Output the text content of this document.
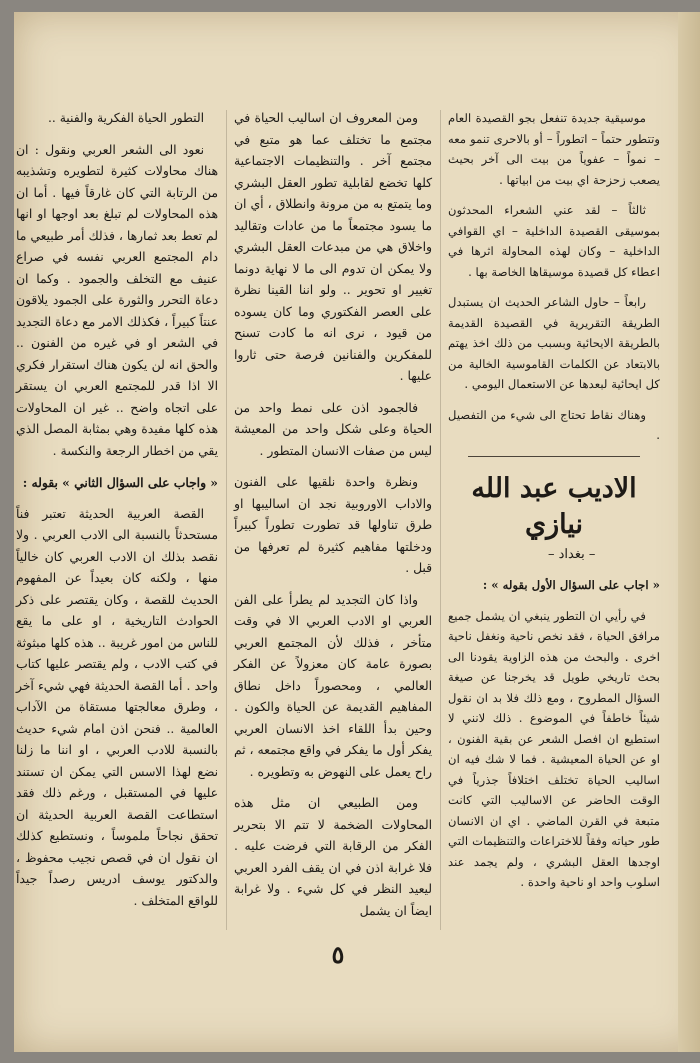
موسيقية جديدة تنفعل بجو القصيدة العام وتتطور حتماً – اتطوراً – أو بالاحرى تنمو معه – نمواً – عفوياً من بيت الى آخر بحيث يصعب زحزحة اي بيت من ابياتها .

ثالثاً – لقد عني الشعراء المحدثون بموسيقى القصيدة الداخلية – اي القوافي الداخلية – وكان لهذه المحاولة اثرها في اعطاء كل قصيدة موسيقاها الخاصة بها .

رابعاً – حاول الشاعر الحديث ان يستبدل الطريقة التقريرية في القصيدة القديمة بالطريقة الايحائية وبسبب من ذلك اخذ يهتم بالابتعاد عن الكلمات القاموسية الخالية من كل ايحائية لبعدها عن الاستعمال اليومي .

وهناك نقاط تحتاج الى شيء من التفصيل .

الاديب عبد الله نيازي
– بغداد –

« اجاب على السؤال الأول بقوله » :

في رأيي ان التطور ينبغي ان يشمل جميع مرافق الحياة ، فقد نخص ناحية ونغفل ناحية اخرى . والبحث من هذه الزاوية يقودنا الى بحث تاريخي طويل قد يخرجنا عن صيغة السؤال المطروح ، ومع ذلك فلا بد ان نقول شيئاً خاطفاً في الموضوع . ذلك لانني لا استطيع ان افصل الشعر عن بقية الفنون ، او عن الحياة المعيشية . فما لا شك فيه ان اساليب الحياة تختلف اختلافاً جذرياً في الوقت الحاضر عن الاساليب التي كانت متبعة في القرن الماضي . اي ان الانسان طور حياته وفقاً للاختراعات والتنظيمات التي اوجدها العقل البشري ، ولم يجمد عند اسلوب واحد او ناحية واحدة .

ومن المعروف ان اساليب الحياة في مجتمع ما تختلف عما هو متبع في مجتمع آخر . والتنظيمات الاجتماعية كلها تخضع لقابلية تطور العقل البشري وما يتمتع به من مرونة وانطلاق ، أي ان ما يسود مجتمعاً ما من عادات وتقاليد واخلاق هي من مبدعات العقل البشري ولا يمكن ان تدوم الى ما لا نهاية دونما تغيير او تحوير .. ولو اننا القينا نظرة على العصر الفكتوري وما كان يسوده من قيود ، نرى انه ما كادت تسنح للمفكرين والفنانين فرصة حتى ثاروا عليها .

فالجمود اذن على نمط واحد من الحياة وعلى شكل واحد من المعيشة ليس من صفات الانسان المتطور .

ونظرة واحدة نلقيها على الفنون والاداب الاوروبية نجد ان اساليبها او طرق تناولها قد تطورت تطوراً كبيراً ودخلتها مفاهيم كثيرة لم تعرفها من قبل .

واذا كان التجديد لم يطرأ على الفن العربي او الادب العربي الا في وقت متأخر ، فذلك لأن المجتمع العربي بصورة عامة كان معزولاً عن الفكر العالمي ، ومحصوراً داخل نطاق المفاهيم القديمة عن الحياة والكون . وحين بدأ اللقاء اخذ الانسان العربي يفكر أول ما يفكر في واقع مجتمعه ، ثم راح يعمل على النهوض به وتطويره .

ومن الطبيعي ان مثل هذه المحاولات الضخمة لا تتم الا بتحرير الفكر من الرقابة التي فرضت عليه . فلا غرابة اذن في ان يقف الفرد العربي ليعيد النظر في كل شيء . ولا غرابة ايضاً ان يشمل

التطور الحياة الفكرية والفنية ..

نعود الى الشعر العربي ونقول : ان هناك محاولات كثيرة لتطويره وتشذيبه من الرتابة التي كان غارقاً فيها . أما ان هذه المحاولات لم تبلغ بعد اوجها او انها لم تعط بعد ثمارها ، فذلك أمر طبيعي ما دام المجتمع العربي نفسه في صراع عنيف مع التخلف والجمود . وكما ان دعاة التحرر والثورة على الجمود يلاقون عنتاً كبيراً ، فكذلك الامر مع دعاة التجديد في الشعر او في غيره من الفنون .. والحق انه لن يكون هناك استقرار فكري الا اذا قدر للمجتمع العربي ان يستقر على اتجاه واضح .. غير ان المحاولات هذه كلها مفيدة وهي بمثابة المصل الذي يقي من اخطار الرجعة والنكسة .

« واجاب على السؤال الثاني » بقوله :

القصة العربية الحديثة تعتبر فناً مستحدثاً بالنسبة الى الادب العربي . ولا نقصد بذلك ان الادب العربي كان خالياً منها ، ولكنه كان بعيداً عن المفهوم الحديث للقصة ، وكان يقتصر على ذكر الحوادث التاريخية ، او على ما يقع للناس من امور غريبة .. هذه كلها مبثوثة في كتب الادب ، ولم يقتصر عليها كتاب واحد . أما القصة الحديثة فهي شيء آخر ، وطرق معالجتها مستقاة من الآداب العالمية .. فنحن اذن امام شيء حديث بالنسبة للادب العربي ، او اننا ما زلنا نضع لهذا الاسس التي يمكن ان تستند عليها في المستقبل ، ورغم ذلك فقد استطاعت القصة العربية الحديثة ان تحقق نجاحاً ملموساً ، ونستطيع كذلك ان نقول ان في قصص نجيب محفوظ ، والدكتور يوسف ادريس رصداً جيداً للواقع المتخلف .

٥
